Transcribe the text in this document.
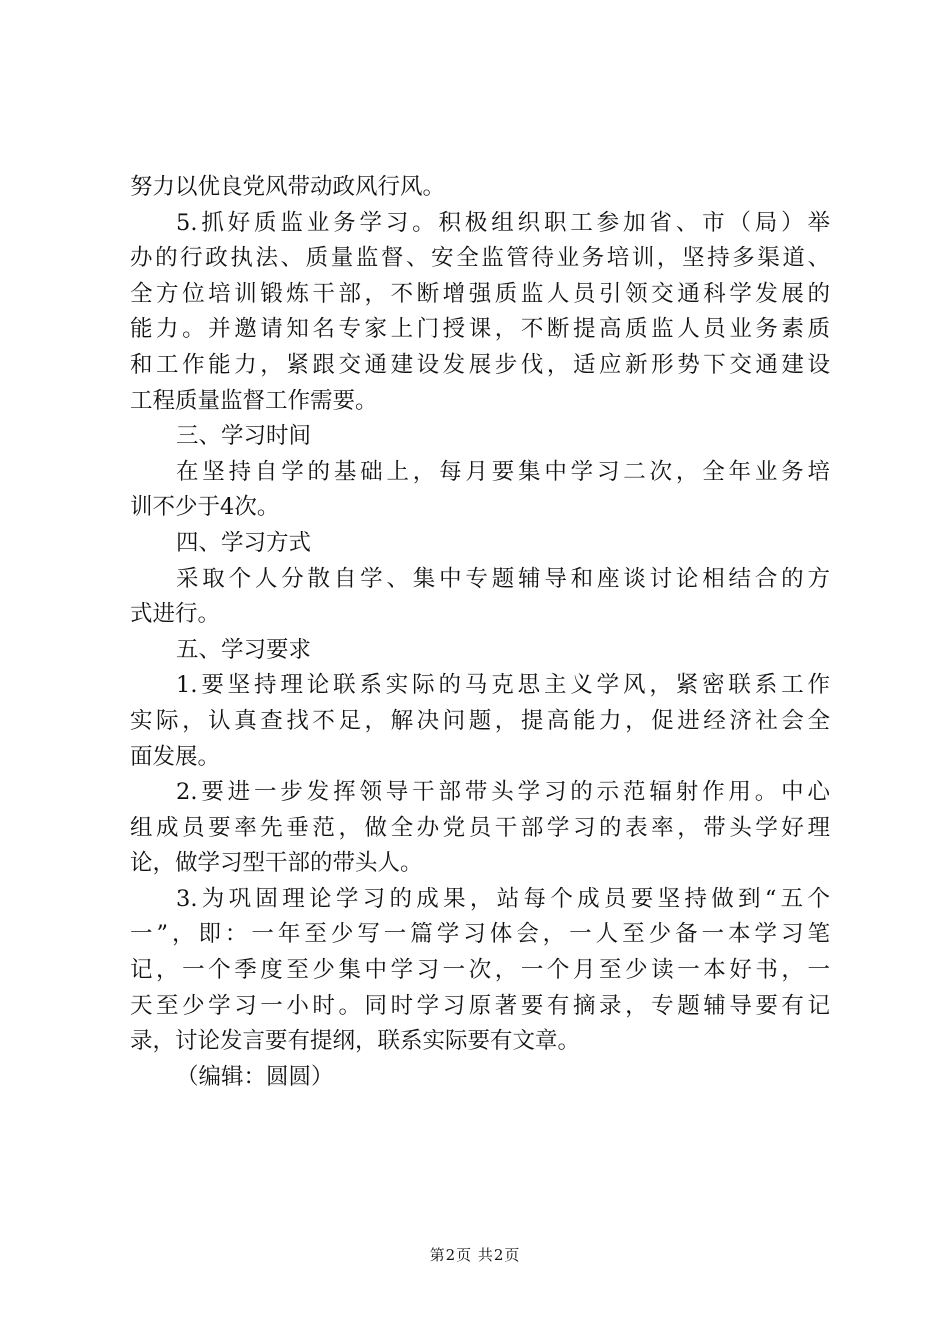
努力以优良党风带动政风行风。
5.抓好质监业务学习。积极组织职工参加省、市（局）举
办的行政执法、质量监督、安全监管待业务培训，坚持多渠道、
全方位培训锻炼干部，不断增强质监人员引领交通科学发展的
能力。并邀请知名专家上门授课，不断提高质监人员业务素质
和工作能力，紧跟交通建设发展步伐，适应新形势下交通建设
工程质量监督工作需要。
三、学习时间
在坚持自学的基础上，每月要集中学习二次，全年业务培
训不少于4次。
四、学习方式
采取个人分散自学、集中专题辅导和座谈讨论相结合的方
式进行。
五、学习要求
1.要坚持理论联系实际的马克思主义学风，紧密联系工作
实际，认真查找不足，解决问题，提高能力，促进经济社会全
面发展。
2.要进一步发挥领导干部带头学习的示范辐射作用。中心
组成员要率先垂范，做全办党员干部学习的表率，带头学好理
论，做学习型干部的带头人。
3.为巩固理论学习的成果，站每个成员要坚持做到“五个
一”，即：一年至少写一篇学习体会，一人至少备一本学习笔
记，一个季度至少集中学习一次，一个月至少读一本好书，一
天至少学习一小时。同时学习原著要有摘录，专题辅导要有记
录，讨论发言要有提纲，联系实际要有文章。
（编辑：圆圆）
第2页 共2页
